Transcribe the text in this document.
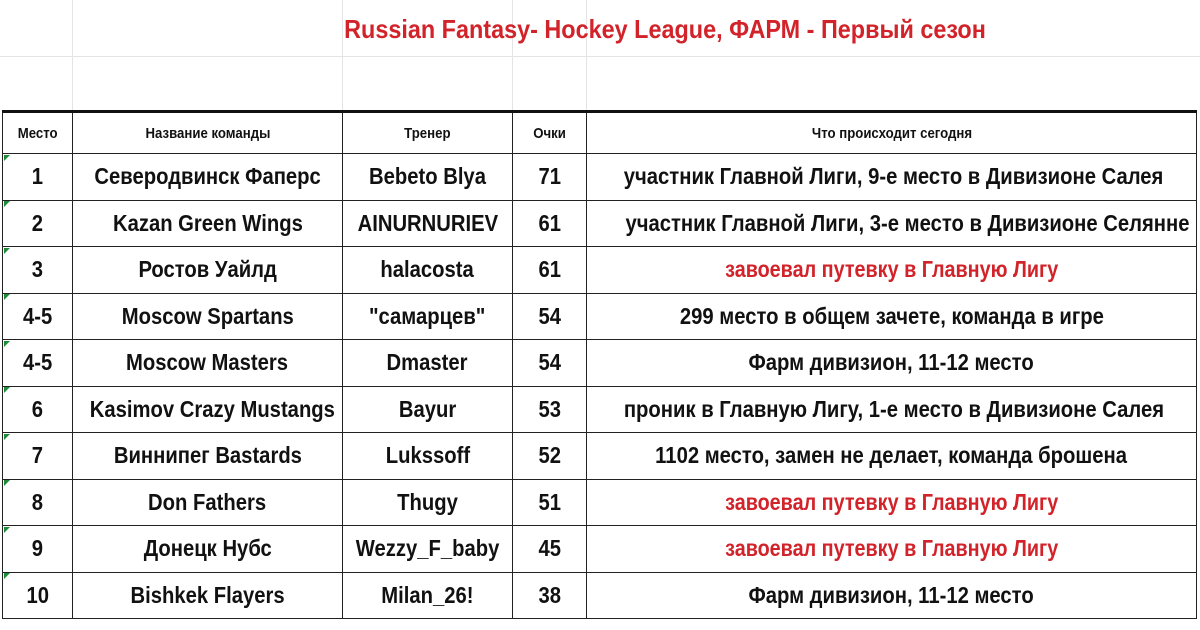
Russian Fantasy- Hockey League, ФАРМ - Первый сезон
Место	Название команды	Тренер	Очки	Что происходит сегодня
1	Северодвинск Фаперс	Bebeto Blya	71	участник Главной Лиги, 9-е место в Дивизионе Салея
2	Kazan Green Wings	AINURNURIEV	61	участник Главной Лиги, 3-е место в Дивизионе Селянне
3	Ростов Уайлд	halacosta	61	завоевал путевку в Главную Лигу
4-5	Moscow Spartans	"самарцев"	54	299 место в общем зачете, команда в игре
4-5	Moscow Masters	Dmaster	54	Фарм дивизион, 11-12 место
6	Kasimov Crazy Mustangs	Bayur	53	проник в Главную Лигу, 1-е место в Дивизионе Салея
7	Виннипег Bastards	Lukssoff	52	1102 место, замен не делает, команда брошена
8	Don Fathers	Thugy	51	завоевал путевку в Главную Лигу
9	Донецк Нубс	Wezzy_F_baby	45	завоевал путевку в Главную Лигу
10	Bishkek Flayers	Milan_26!	38	Фарм дивизион, 11-12 место
